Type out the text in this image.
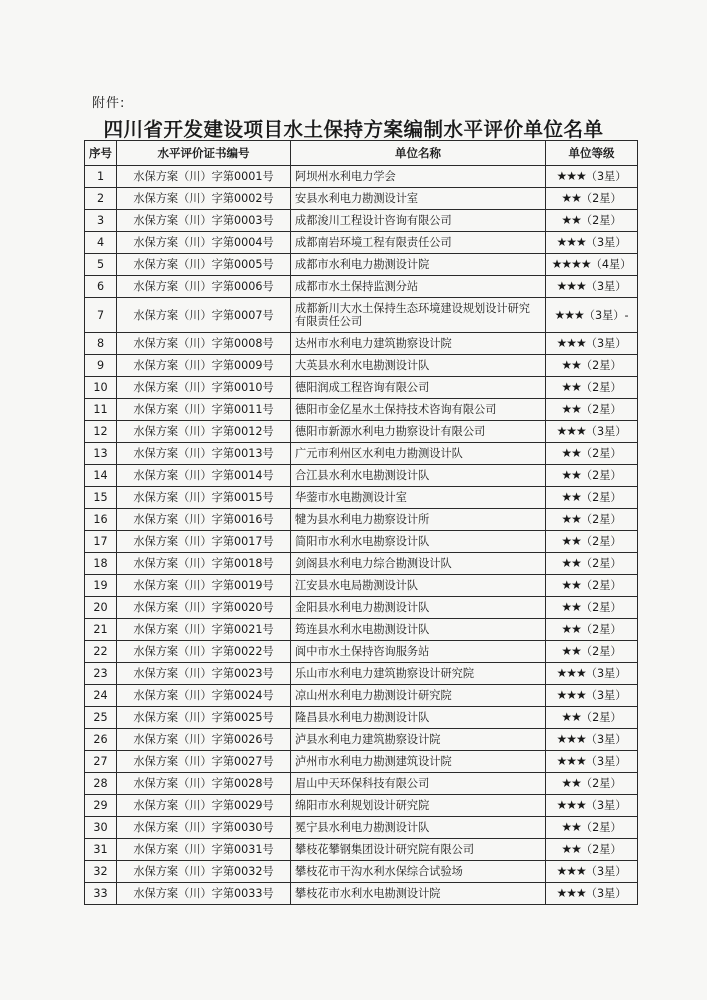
附件:
四川省开发建设项目水土保持方案编制水平评价单位名单
序号	水平评价证书编号	单位名称	单位等级
1	水保方案（川）字第0001号	阿坝州水利电力学会	★★★（3星）
2	水保方案（川）字第0002号	安县水利电力勘测设计室	★★（2星）
3	水保方案（川）字第0003号	成都浚川工程设计咨询有限公司	★★（2星）
4	水保方案（川）字第0004号	成都南岩环境工程有限责任公司	★★★（3星）
5	水保方案（川）字第0005号	成都市水利电力勘测设计院	★★★★（4星）
6	水保方案（川）字第0006号	成都市水土保持监测分站	★★★（3星）
7	水保方案（川）字第0007号	成都新川大水土保持生态环境建设规划设计研究有限责任公司	★★★（3星）-
8	水保方案（川）字第0008号	达州市水利电力建筑勘察设计院	★★★（3星）
9	水保方案（川）字第0009号	大英县水利水电勘测设计队	★★（2星）
10	水保方案（川）字第0010号	德阳润成工程咨询有限公司	★★（2星）
11	水保方案（川）字第0011号	德阳市金亿星水土保持技术咨询有限公司	★★（2星）
12	水保方案（川）字第0012号	德阳市新源水利电力勘察设计有限公司	★★★（3星）
13	水保方案（川）字第0013号	广元市利州区水利电力勘测设计队	★★（2星）
14	水保方案（川）字第0014号	合江县水利水电勘测设计队	★★（2星）
15	水保方案（川）字第0015号	华蓥市水电勘测设计室	★★（2星）
16	水保方案（川）字第0016号	犍为县水利电力勘察设计所	★★（2星）
17	水保方案（川）字第0017号	简阳市水利水电勘察设计队	★★（2星）
18	水保方案（川）字第0018号	剑阁县水利电力综合勘测设计队	★★（2星）
19	水保方案（川）字第0019号	江安县水电局勘测设计队	★★（2星）
20	水保方案（川）字第0020号	金阳县水利电力勘测设计队	★★（2星）
21	水保方案（川）字第0021号	筠连县水利水电勘测设计队	★★（2星）
22	水保方案（川）字第0022号	阆中市水土保持咨询服务站	★★（2星）
23	水保方案（川）字第0023号	乐山市水利电力建筑勘察设计研究院	★★★（3星）
24	水保方案（川）字第0024号	凉山州水利电力勘测设计研究院	★★★（3星）
25	水保方案（川）字第0025号	隆昌县水利电力勘测设计队	★★（2星）
26	水保方案（川）字第0026号	泸县水利电力建筑勘察设计院	★★★（3星）
27	水保方案（川）字第0027号	泸州市水利电力勘测建筑设计院	★★★（3星）
28	水保方案（川）字第0028号	眉山中天环保科技有限公司	★★（2星）
29	水保方案（川）字第0029号	绵阳市水利规划设计研究院	★★★（3星）
30	水保方案（川）字第0030号	冕宁县水利电力勘测设计队	★★（2星）
31	水保方案（川）字第0031号	攀枝花攀钢集团设计研究院有限公司	★★（2星）
32	水保方案（川）字第0032号	攀枝花市干沟水利水保综合试验场	★★★（3星）
33	水保方案（川）字第0033号	攀枝花市水利水电勘测设计院	★★★（3星）
